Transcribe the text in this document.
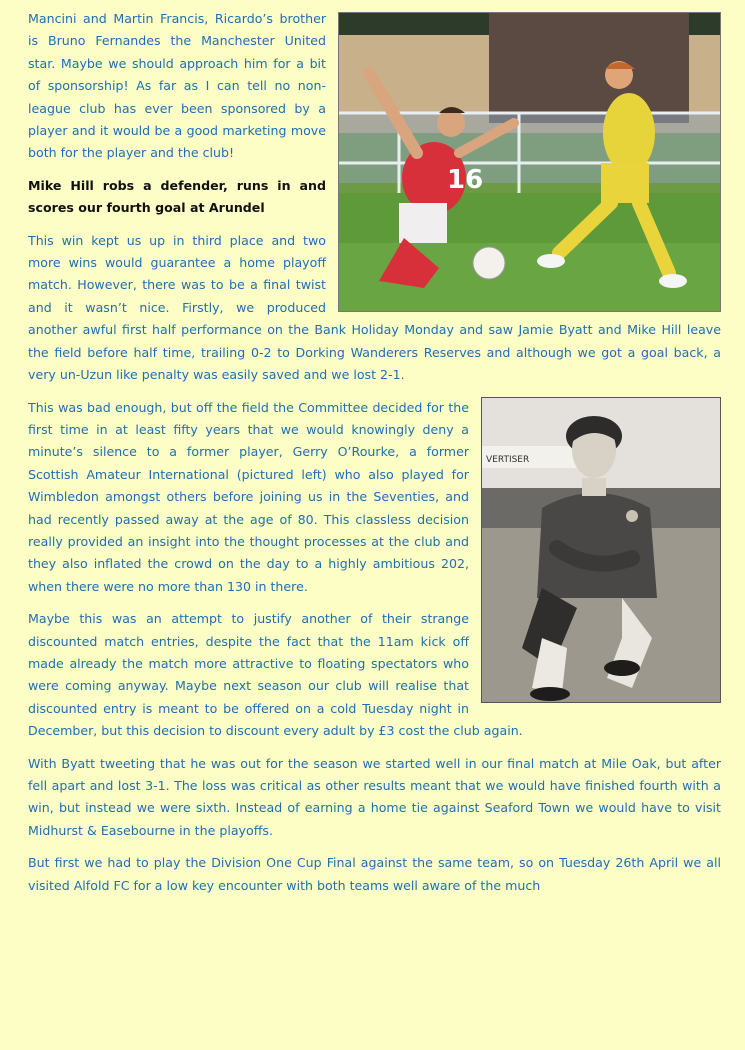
16

Mancini and Martin Francis, Ricardo’s brother is Bruno Fernandes the Manchester United star. Maybe we should approach him for a bit of sponsorship! As far as I can tell no non-league club has ever been sponsored by a player and it would be a good marketing move both for the player and the club!

Mike Hill robs a defender, runs in and scores our fourth goal at Arundel

This win kept us up in third place and two more wins would guarantee a home playoff match. However, there was to be a final twist and it wasn’t nice. Firstly, we produced another awful first half performance on the Bank Holiday Monday and saw Jamie Byatt and Mike Hill leave the field before half time, trailing 0-2 to Dorking Wanderers Reserves and although we got a goal back, a very un-Uzun like penalty was easily saved and we lost 2-1.

VERTISER

This was bad enough, but off the field the Committee decided for the first time in at least fifty years that we would knowingly deny a minute’s silence to a former player, Gerry O’Rourke, a former Scottish Amateur International (pictured left) who also played for Wimbledon amongst others before joining us in the Seventies, and had recently passed away at the age of 80. This classless decision really provided an insight into the thought processes at the club and they also inflated the crowd on the day to a highly ambitious 202, when there were no more than 130 in there.

Maybe this was an attempt to justify another of their strange discounted match entries, despite the fact that the 11am kick off made already the match more attractive to floating spectators who were coming anyway. Maybe next season our club will realise that discounted entry is meant to be offered on a cold Tuesday night in December, but this decision to discount every adult by £3 cost the club again.

With Byatt tweeting that he was out for the season we started well in our final match at Mile Oak, but after fell apart and lost 3-1. The loss was critical as other results meant that we would have finished fourth with a win, but instead we were sixth. Instead of earning a home tie against Seaford Town we would have to visit Midhurst & Easebourne in the playoffs.

But first we had to play the Division One Cup Final against the same team, so on Tuesday 26th April we all visited Alfold FC for a low key encounter with both teams well aware of the much
